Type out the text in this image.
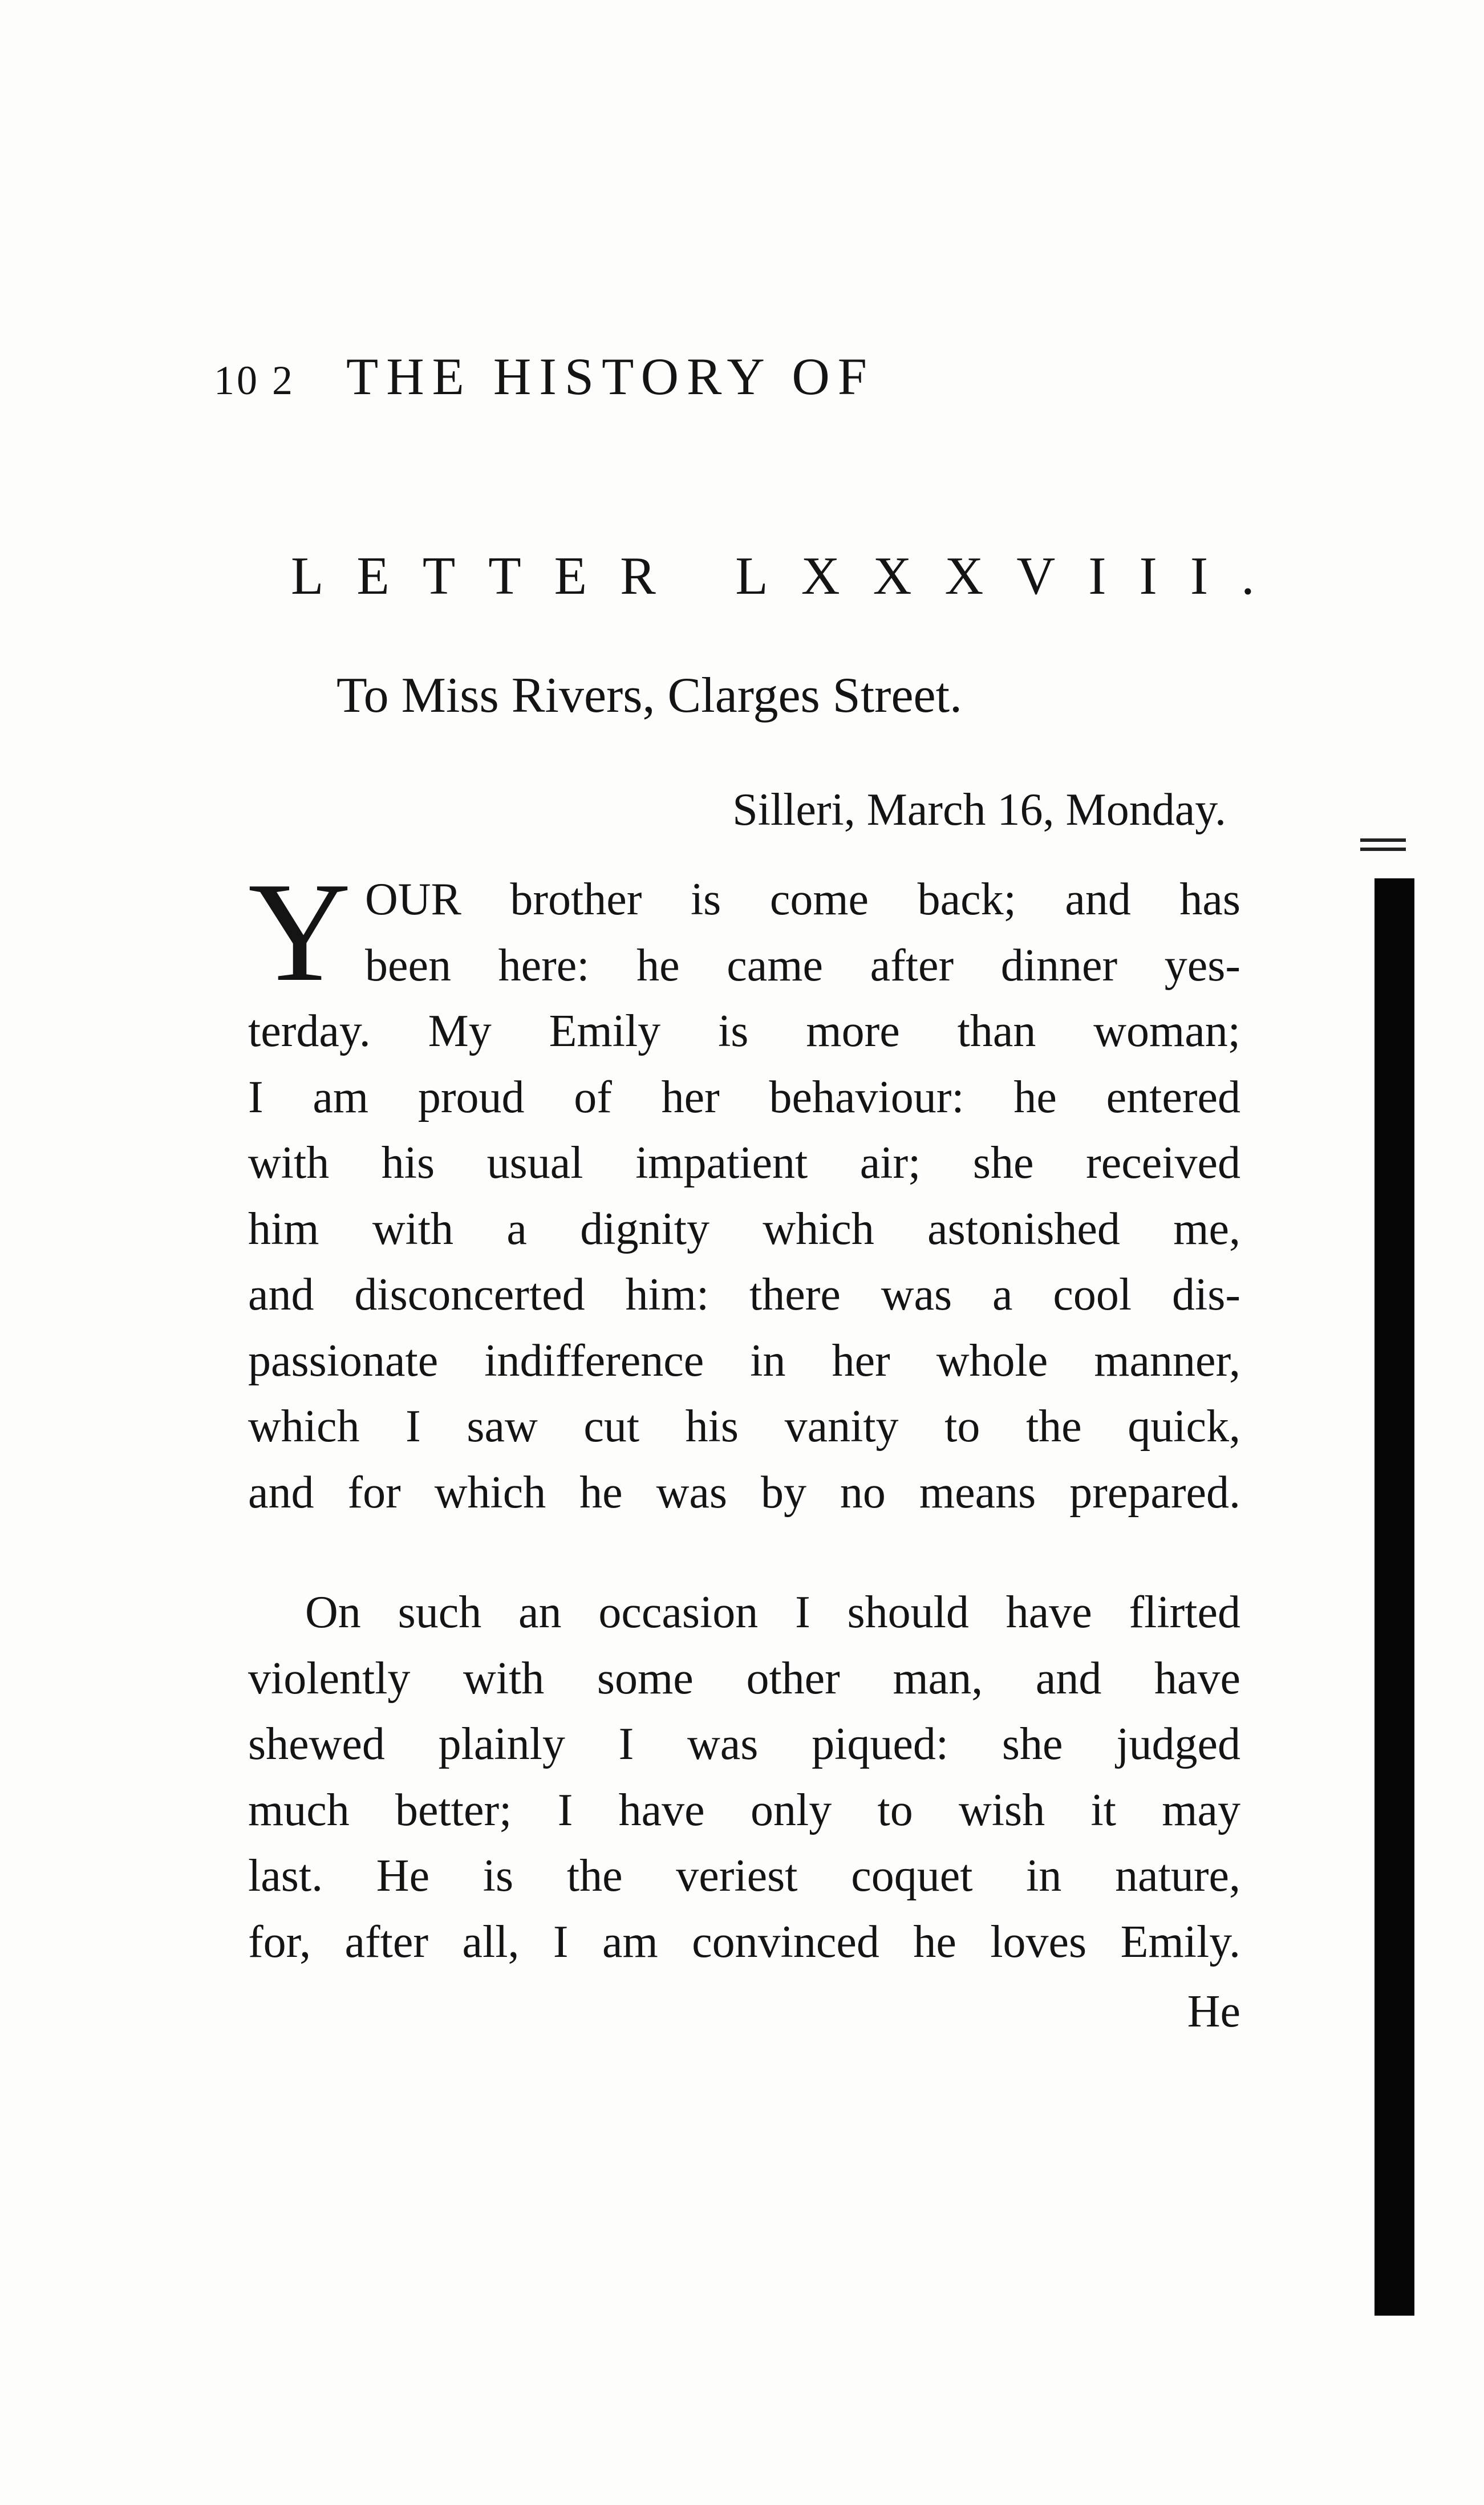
10 2 THE HISTORY OF
LETTER LXXXVIII.
To Miss Rivers, Clarges Street.
Silleri, March 16, Monday.
Y OUR brother is come back; and has
been here: he came after dinner yes-
terday. My Emily is more than woman;
I am proud of her behaviour: he entered
with his usual impatient air; she received
him with a dignity which astonished me,
and disconcerted him: there was a cool dis-
passionate indifference in her whole manner,
which I saw cut his vanity to the quick,
and for which he was by no means prepared.
On such an occasion I should have flirted
violently with some other man, and have
shewed plainly I was piqued: she judged
much better; I have only to wish it may
last. He is the veriest coquet in nature,
for, after all, I am convinced he loves Emily.
He
